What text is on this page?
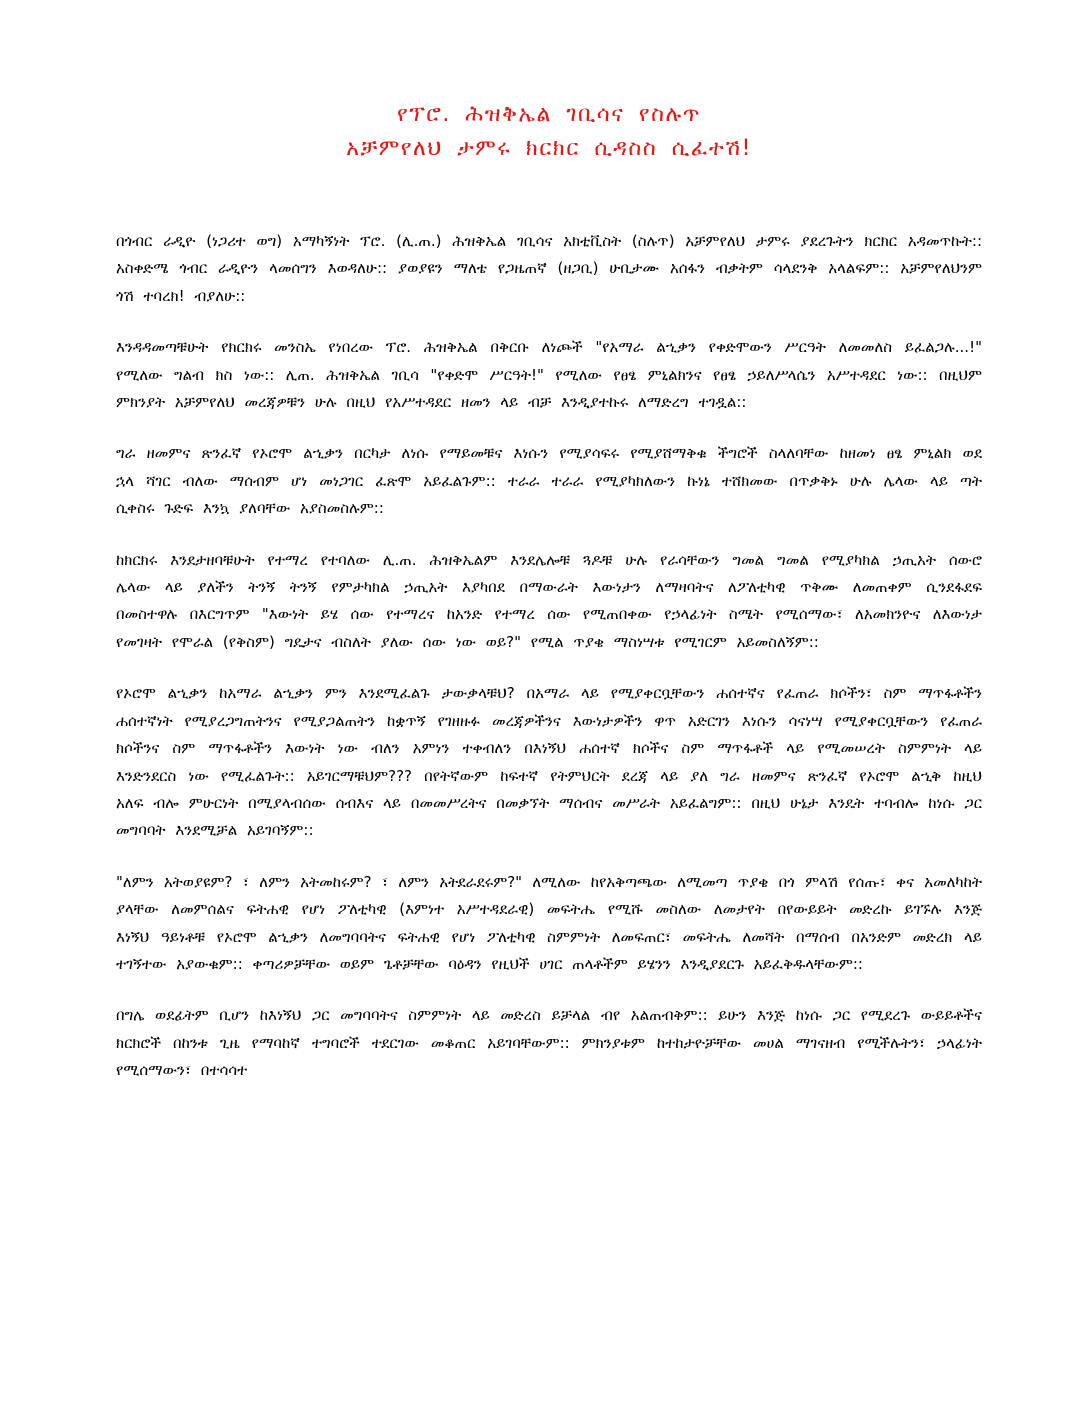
የፕሮ. ሕዝቅኤል ገቢሳና የስሉጥ
አቻምየለህ ታምሩ ክርክር ሲዳስስ ሲፈተሽ!

በጎብር ራዲዮ (ነጋሪተ ወግ) አማካኝነት ፕሮ. (ሊ.ጠ.) ሕዝቅኤል ገቢሳና አክቲቪስት (ስሉጥ) አቻምየለህ ታምሩ ያደረጉትን ክርክር አዳመጥኩት:: አስቀድሜ ጎብር ራዲዮን ላመሰግን እወዳለሁ:: ያወያዩን ማለቴ የጋዜጠኛ (ዘጋቢ) ሁቢታሙ አሰፋን ብቃትም ሳላደንቅ አላልፍም:: አቻምየለህንም ጎሽ ተባረክ! ብያለሁ::

እንዳዳመጣቹሁት የክርክሩ መንስኤ የነበረው ፕሮ. ሕዝቅኤል በቅርቡ ለነጮች "የአማራ ልኂቃን የቀድሞውን ሥርዓት ለመመለስ ይፈልጋሉ...!" የሚለው ግልብ ክስ ነው:: ሊጠ. ሕዝቅኤል ገቢሳ "የቀድሞ ሥርዓት!" የሚለው የፀፄ ምኒልክንና የፀፄ ኃይለሥላሴን አሥተዳደር ነው:: በዚህም ምክንያት አቻምየለህ መረጃዎቹን ሁሉ በዚህ የአሥተዳደር ዘመን ላይ ብቻ እንዲያተኩሩ ለማድረግ ተገዷል::

ግራ ዘመምና ጽንፈኛ የኦሮሞ ልኂቃን በርካታ ለነሱ የማይመቹና እነሱን የሚያሳፍሩ የሚያሸማቅቁ ችግሮች ስላለባቸው ከዘመነ ፀፄ ምኒልክ ወደ ኋላ ሻገር ብለው ማሰብም ሆነ መነጋገር ፈጽሞ አይፈልጉም:: ተራራ ተራራ የሚያካክለውን ኩነኔ ተሸክመው በጥቃቅኑ ሁሉ ሌላው ላይ ጣት ሲቀስሩ ጉድፍ እንኳ ያለባቸው አያስመስሉም::

ከክርክሩ እንደታዘባቹሁት የተማረ የተባለው ሊ.ጠ. ሕዝቅኤልም እንደሌሎቹ ጓዶቹ ሁሉ የራሳቸውን ግመል ግመል የሚያካክል ኃጢአት ሰውሮ ሌላው ላይ ያለችን ትንኝ ትንኝ የምታካክል ኃጢአት እያካበደ በማውራት እውነታን ለማዛባትና ለፖለቲካዊ ጥቅሙ ለመጠቀም ሲንደፋደፍ በመስተዋሉ በእርግጥም "እውነት ይሄ ሰው የተማረና ከአንድ የተማረ ሰው የሚጠበቀው የኃላፊነት ስሜት የሚሰማው፣ ለአመክንዮና ለእውነታ የመገዛት የሞራል (የቅስም) ግዴታና ብስለት ያለው ሰው ነው ወይ?" የሚል ጥያቄ ማስነሣቱ የሚገርም አይመስለኝም::

የኦሮሞ ልኂቃን ከአማራ ልኂቃን ምን እንደሚፈልጉ ታውቃላቹህ? በአማራ ላይ የሚያቀርቧቸውን ሐሰተኛና የፈጠራ ክሶችን፣ ስም ማጥፋቶችን ሐሰተኛነት የሚያረጋግጠትንና የሚያጋልጠትን ከቋጥኝ የገዘዙፉ መረጃዎችንና እውነታዎችን ዋጥ አድርገን እነሱን ሳናነሣ የሚያቀርቧቸውን የፈጠራ ክሶችንና ስም ማጥፋቶችን እውነት ነው ብለን አምነን ተቀብለን በእነኝህ ሐሰተኛ ክሶችና ስም ማጥፋቶች ላይ የሚመሠረት ስምምነት ላይ እንድንደርስ ነው የሚፈልጉት:: አይገርማቹህም??? በየትኛውም ከፍተኛ የትምህርት ደረጃ ላይ ያለ ግራ ዘመምና ጽንፈኛ የኦሮሞ ልኂቅ ከዚህ አለፍ ብሎ ምሁርነት በሚያላብሰው ሰብእና ላይ በመመሥረትና በመቃኘት ማሰብና መሥራት አይፈልግም:: በዚህ ሁኔታ እንዴት ተባብሎ ከነሱ ጋር መግባባት እንደሚቻል አይገባኝም::

"ለምን አትወያዩም? ፣ ለምን አትመከሩም? ፣ ለምን አትደራደሩም?" ለሚለው ከየአቅጣጫው ለሚመጣ ጥያቄ በጎ ምላሽ የሰጡ፣ ቀና አመለካከት ያላቸው ለመምሰልና ፍትሐዊ የሆነ ፖለቲካዊ (እምነተ አሥተዳደራዊ) መፍትሔ የሚሹ መስለው ለመታየት በየውይይት መድረኩ ይገኙሉ እንጅ እነኝህ ዓይነቶቹ የኦሮሞ ልኂቃን ለመግባባትና ፍትሐዊ የሆነ ፖለቲካዊ ስምምነት ለመፍጠር፣ መፍትሔ ለመሻት በማሰብ በአንድም መድረክ ላይ ተገኝተው አያውቁም:: ቀጣሪዎቻቸው ወይም ጌቶቻቸው ባዕዳን የዚህች ሀገር ጠላቶችም ይሄንን እንዲያደርጉ አይፈቅዱላቸውም::

በግሌ ወደፊትም ቢሆን ከእነኝህ ጋር መግባባትና ስምምነት ላይ መድረስ ይቻላል ብየ አልጠብቅም:: ይሁን እንጅ ከነሱ ጋር የሚደረጉ ውይይቶችና ክርክሮች በከንቱ ጊዜ የማባከኛ ተግባሮች ተደርገው መቆጠር አይገባቸውም:: ምክንያቱም ከተከታዮቻቸው መሀል ማገናዘብ የሚችሉትን፣ ኃላፊነት የሚሰማውን፣ በተሳሳተ
